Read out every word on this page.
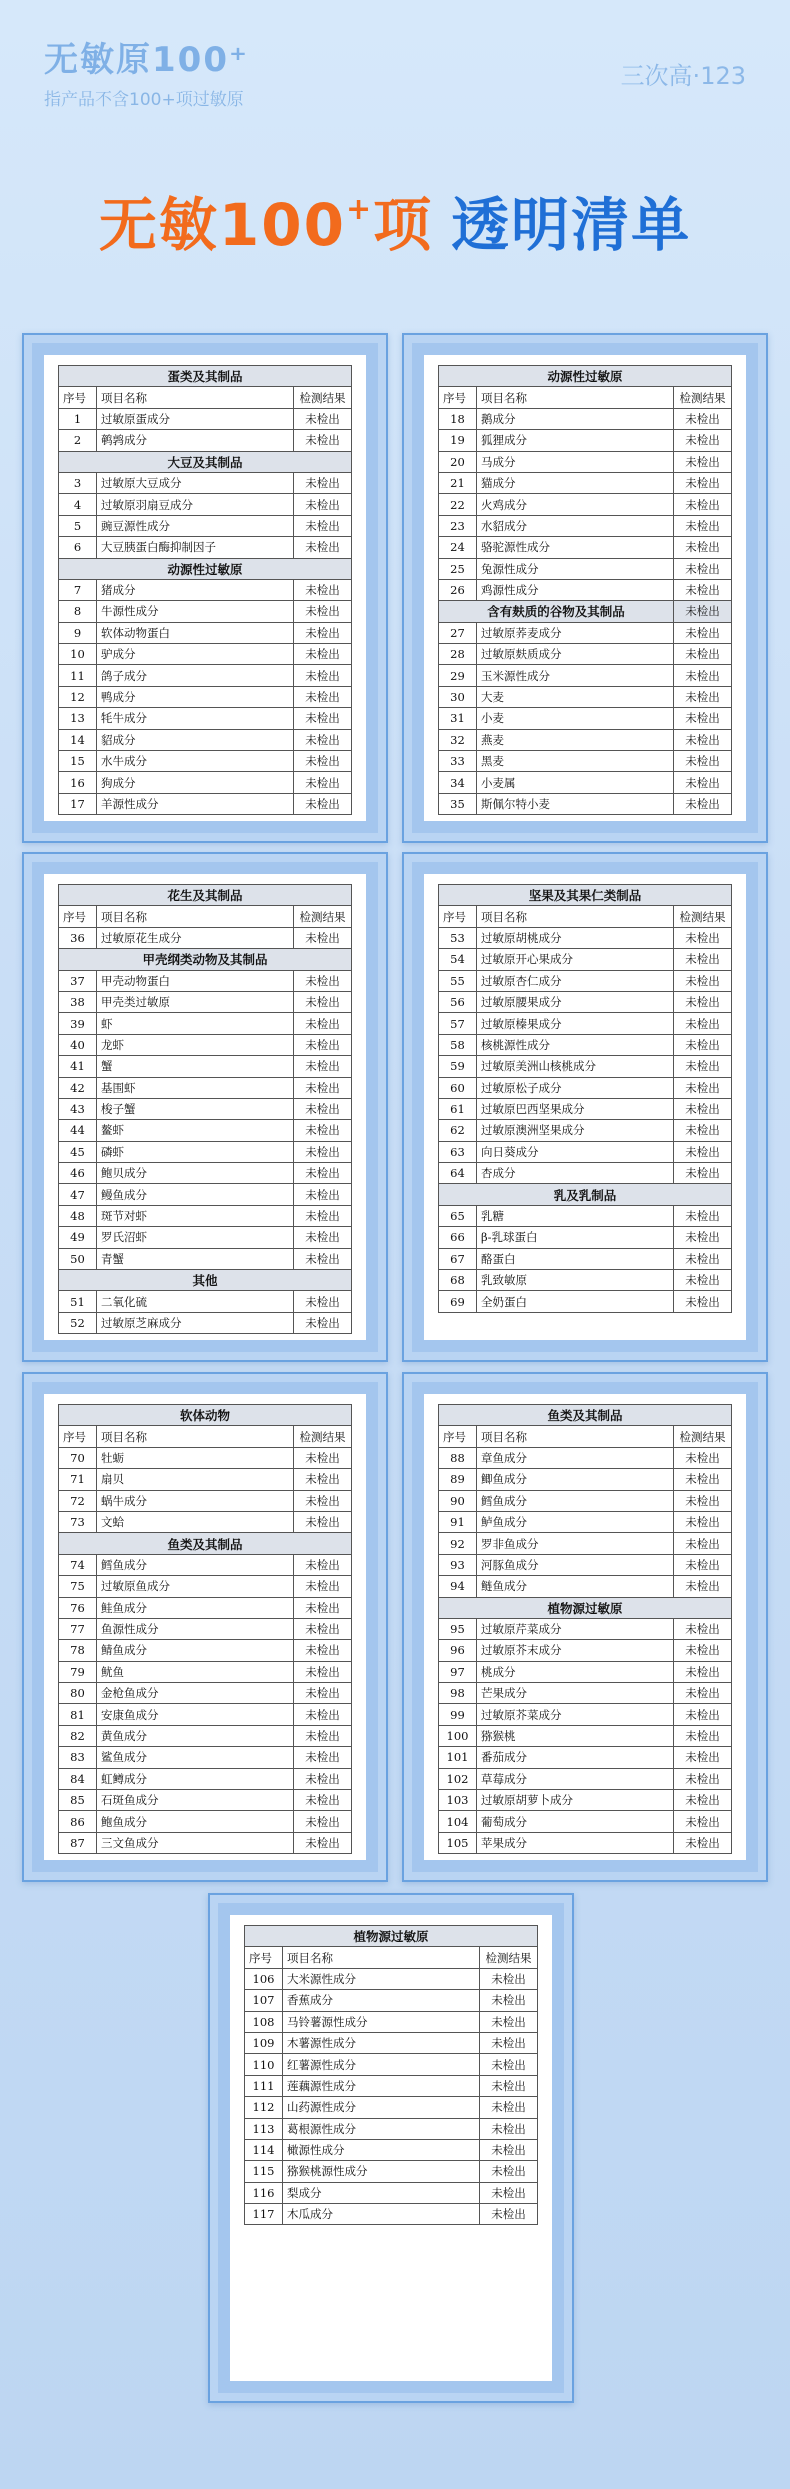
无敏原100⁺
指产品不含100+项过敏原
三次高·123
无敏100+项 透明清单
蛋类及其制品		
序号	项目名称	检测结果
1	过敏原蛋成分	未检出
2	鹌鹑成分	未检出
大豆及其制品		
3	过敏原大豆成分	未检出
4	过敏原羽扇豆成分	未检出
5	豌豆源性成分	未检出
6	大豆胰蛋白酶抑制因子	未检出
动源性过敏原		
7	猪成分	未检出
8	牛源性成分	未检出
9	软体动物蛋白	未检出
10	驴成分	未检出
11	鸽子成分	未检出
12	鸭成分	未检出
13	牦牛成分	未检出
14	貂成分	未检出
15	水牛成分	未检出
16	狗成分	未检出
17	羊源性成分	未检出
动源性过敏原		
序号	项目名称	检测结果
18	鹅成分	未检出
19	狐狸成分	未检出
20	马成分	未检出
21	猫成分	未检出
22	火鸡成分	未检出
23	水貂成分	未检出
24	骆驼源性成分	未检出
25	兔源性成分	未检出
26	鸡源性成分	未检出
含有麸质的谷物及其制品		未检出
27	过敏原荞麦成分	未检出
28	过敏原麸质成分	未检出
29	玉米源性成分	未检出
30	大麦	未检出
31	小麦	未检出
32	燕麦	未检出
33	黑麦	未检出
34	小麦属	未检出
35	斯佩尔特小麦	未检出
花生及其制品		
序号	项目名称	检测结果
36	过敏原花生成分	未检出
甲壳纲类动物及其制品		
37	甲壳动物蛋白	未检出
38	甲壳类过敏原	未检出
39	虾	未检出
40	龙虾	未检出
41	蟹	未检出
42	基围虾	未检出
43	梭子蟹	未检出
44	鳌虾	未检出
45	磷虾	未检出
46	鲍贝成分	未检出
47	鳗鱼成分	未检出
48	斑节对虾	未检出
49	罗氏沼虾	未检出
50	青蟹	未检出
其他		
51	二氧化硫	未检出
52	过敏原芝麻成分	未检出
坚果及其果仁类制品		
序号	项目名称	检测结果
53	过敏原胡桃成分	未检出
54	过敏原开心果成分	未检出
55	过敏原杏仁成分	未检出
56	过敏原腰果成分	未检出
57	过敏原榛果成分	未检出
58	核桃源性成分	未检出
59	过敏原美洲山核桃成分	未检出
60	过敏原松子成分	未检出
61	过敏原巴西坚果成分	未检出
62	过敏原澳洲坚果成分	未检出
63	向日葵成分	未检出
64	杏成分	未检出
乳及乳制品		
65	乳糖	未检出
66	β-乳球蛋白	未检出
67	酪蛋白	未检出
68	乳致敏原	未检出
69	全奶蛋白	未检出
软体动物		
序号	项目名称	检测结果
70	牡蛎	未检出
71	扇贝	未检出
72	蜗牛成分	未检出
73	文蛤	未检出
鱼类及其制品		
74	鳕鱼成分	未检出
75	过敏原鱼成分	未检出
76	鲑鱼成分	未检出
77	鱼源性成分	未检出
78	鲭鱼成分	未检出
79	鱿鱼	未检出
80	金枪鱼成分	未检出
81	安康鱼成分	未检出
82	黄鱼成分	未检出
83	鲨鱼成分	未检出
84	虹鳟成分	未检出
85	石斑鱼成分	未检出
86	鲍鱼成分	未检出
87	三文鱼成分	未检出
鱼类及其制品		
序号	项目名称	检测结果
88	章鱼成分	未检出
89	鲫鱼成分	未检出
90	鳕鱼成分	未检出
91	鲈鱼成分	未检出
92	罗非鱼成分	未检出
93	河豚鱼成分	未检出
94	鲢鱼成分	未检出
植物源过敏原		
95	过敏原芹菜成分	未检出
96	过敏原芥末成分	未检出
97	桃成分	未检出
98	芒果成分	未检出
99	过敏原芥菜成分	未检出
100	猕猴桃	未检出
101	番茄成分	未检出
102	草莓成分	未检出
103	过敏原胡萝卜成分	未检出
104	葡萄成分	未检出
105	苹果成分	未检出
植物源过敏原		
序号	项目名称	检测结果
106	大米源性成分	未检出
107	香蕉成分	未检出
108	马铃薯源性成分	未检出
109	木薯源性成分	未检出
110	红薯源性成分	未检出
111	莲藕源性成分	未检出
112	山药源性成分	未检出
113	葛根源性成分	未检出
114	橄源性成分	未检出
115	猕猴桃源性成分	未检出
116	梨成分	未检出
117	木瓜成分	未检出
